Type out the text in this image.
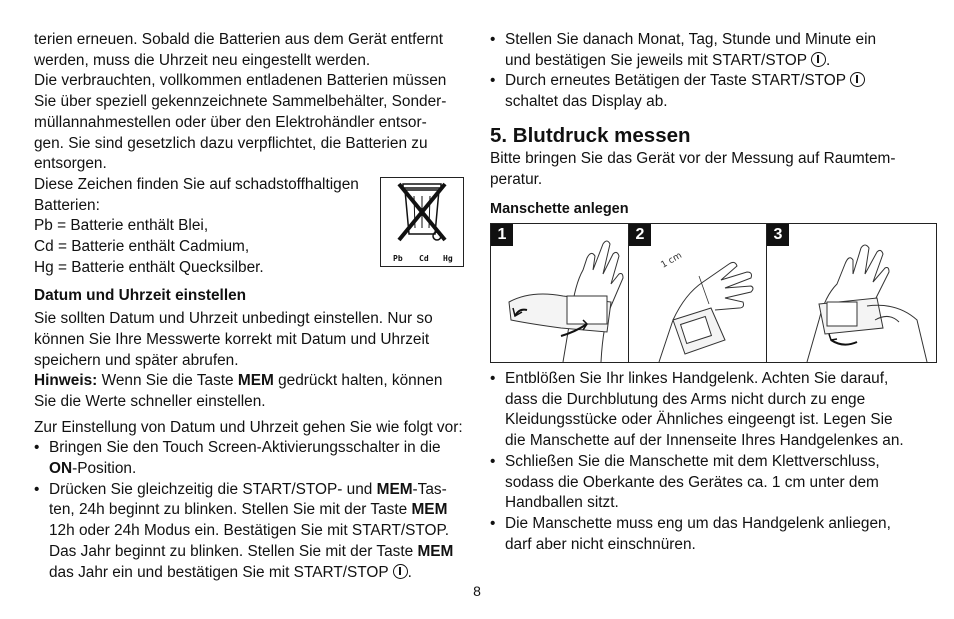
terien erneuen. Sobald die Batterien aus dem Gerät entfernt
werden, muss die Uhrzeit neu eingestellt werden.
Die verbrauchten, vollkommen entladenen Batterien müssen
Sie über speziell gekennzeichnete Sammelbehälter, Sonder-
müllannahmestellen oder über den Elektrohändler entsor-
gen. Sie sind gesetzlich dazu verpflichtet, die Batterien zu
entsorgen.
Diese Zeichen finden Sie auf schadstoffhaltigen
Batterien:
Pb = Batterie enthält Blei,
Cd = Batterie enthält Cadmium,
Hg = Batterie enthält Quecksilber.
Datum und Uhrzeit einstellen
Sie sollten Datum und Uhrzeit unbedingt einstellen. Nur so
können Sie Ihre Messwerte korrekt mit Datum und Uhrzeit
speichern und später abrufen.
Hinweis: Wenn Sie die Taste MEM gedrückt halten, können
Sie die Werte schneller einstellen.
Zur Einstellung von Datum und Uhrzeit gehen Sie wie folgt vor:
• Bringen Sie den Touch Screen-Aktivierungsschalter in die
ON-Position.
• Drücken Sie gleichzeitig die START/STOP- und MEM-Tas-
ten, 24h beginnt zu blinken. Stellen Sie mit der Taste MEM
12h oder 24h Modus ein. Bestätigen Sie mit START/STOP.
Das Jahr beginnt zu blinken. Stellen Sie mit der Taste MEM
das Jahr ein und bestätigen Sie mit START/STOP .
Pb Cd Hg
• Stellen Sie danach Monat, Tag, Stunde und Minute ein
und bestätigen Sie jeweils mit START/STOP .
• Durch erneutes Betätigen der Taste START/STOP
schaltet das Display ab.
5. Blutdruck messen
Bitte bringen Sie das Gerät vor der Messung auf Raumtem-
peratur.
Manschette anlegen
1	2
1 cm
3
• Entblößen Sie Ihr linkes Handgelenk. Achten Sie darauf,
dass die Durchblutung des Arms nicht durch zu enge
Kleidungsstücke oder Ähnliches eingeengt ist. Legen Sie
die Manschette auf der Innenseite Ihres Handgelenkes an.
• Schließen Sie die Manschette mit dem Klettverschluss,
sodass die Oberkante des Gerätes ca. 1 cm unter dem
Handballen sitzt.
• Die Manschette muss eng um das Handgelenk anliegen,
darf aber nicht einschnüren.
8
